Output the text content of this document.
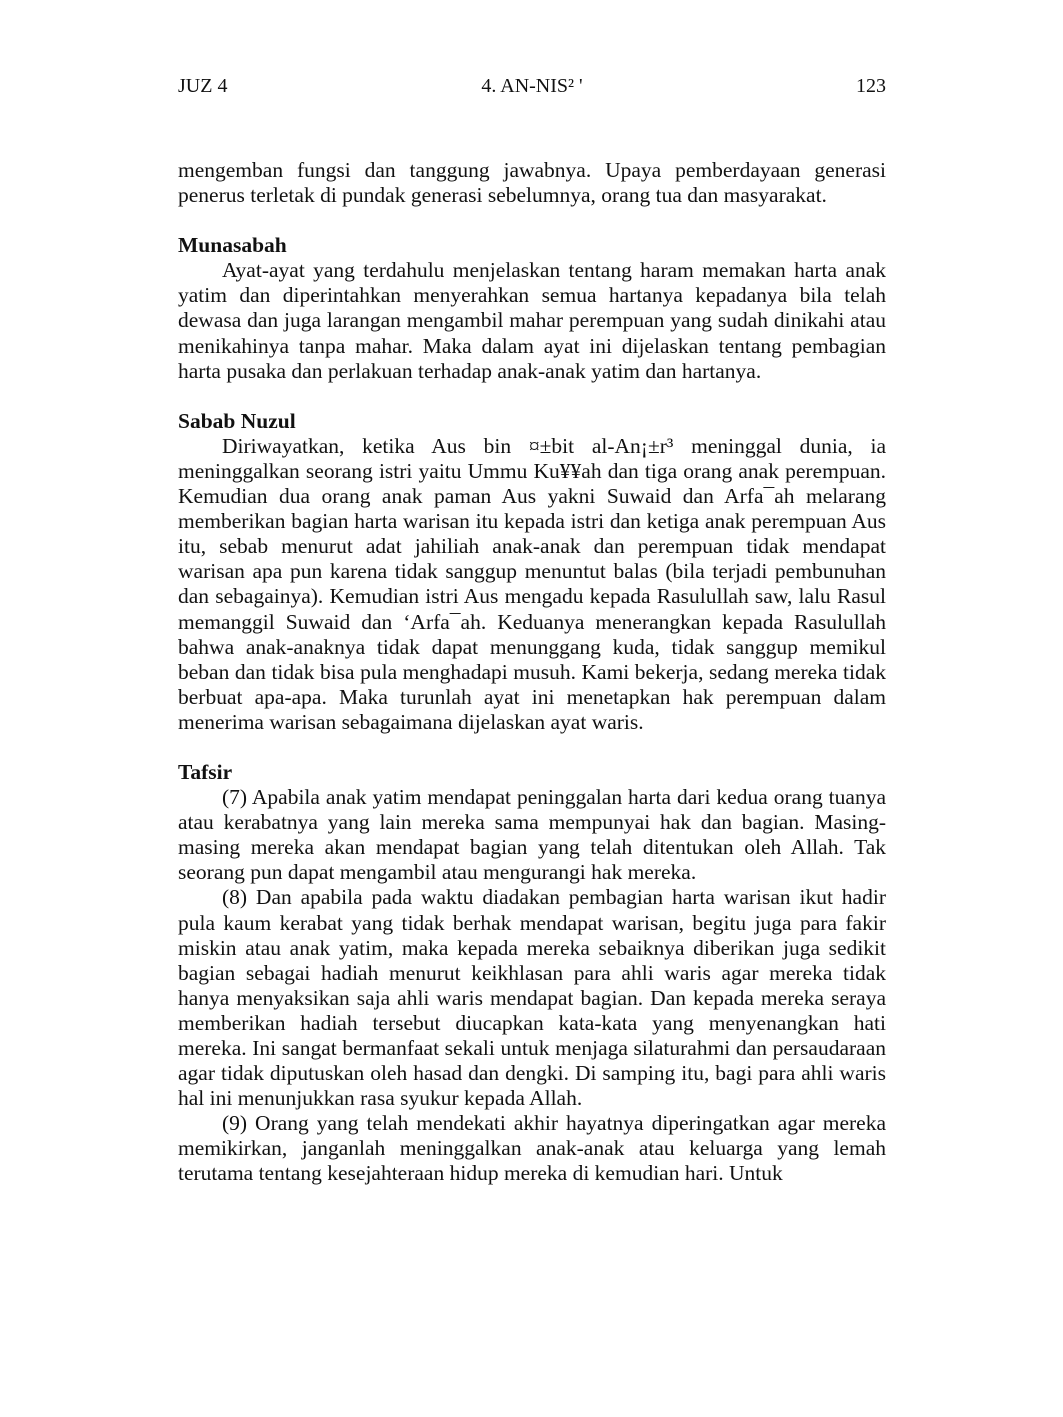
JUZ 4	4. AN-NIS² '	123

mengemban fungsi dan tanggung jawabnya. Upaya pemberdayaan generasi penerus terletak di pundak generasi sebelumnya, orang tua dan masyarakat.

Munasabah

Ayat-ayat yang terdahulu menjelaskan tentang haram memakan harta anak yatim dan diperintahkan menyerahkan semua hartanya kepadanya bila telah dewasa dan juga larangan mengambil mahar perempuan yang sudah dinikahi atau menikahinya tanpa mahar. Maka dalam ayat ini dijelaskan tentang pembagian harta pusaka dan perlakuan terhadap anak-anak yatim dan hartanya.

Sabab Nuzul

Diriwayatkan, ketika Aus bin ¤±bit al-An¡±r³ meninggal dunia, ia meninggalkan seorang istri yaitu Ummu Ku¥¥ah dan tiga orang anak perempuan. Kemudian dua orang anak paman Aus yakni Suwaid dan Arfa¯ah melarang memberikan bagian harta warisan itu kepada istri dan ketiga anak perempuan Aus itu, sebab menurut adat jahiliah anak-anak dan perempuan tidak mendapat warisan apa pun karena tidak sanggup menuntut balas (bila terjadi pembunuhan dan sebagainya). Kemudian istri Aus mengadu kepada Rasulullah saw, lalu Rasul memanggil Suwaid dan ‘Arfa¯ah. Keduanya menerangkan kepada Rasulullah bahwa anak-anaknya tidak dapat menunggang kuda, tidak sanggup memikul beban dan tidak bisa pula menghadapi musuh. Kami bekerja, sedang mereka tidak berbuat apa-apa. Maka turunlah ayat ini menetapkan hak perempuan dalam menerima warisan sebagaimana dijelaskan ayat waris.

Tafsir

(7) Apabila anak yatim mendapat peninggalan harta dari kedua orang tuanya atau kerabatnya yang lain mereka sama mempunyai hak dan bagian. Masing-masing mereka akan mendapat bagian yang telah ditentukan oleh Allah. Tak seorang pun dapat mengambil atau mengurangi hak mereka.

(8) Dan apabila pada waktu diadakan pembagian harta warisan ikut hadir pula kaum kerabat yang tidak berhak mendapat warisan, begitu juga para fakir miskin atau anak yatim, maka kepada mereka sebaiknya diberikan juga sedikit bagian sebagai hadiah menurut keikhlasan para ahli waris agar mereka tidak hanya menyaksikan saja ahli waris mendapat bagian. Dan kepada mereka seraya memberikan hadiah tersebut diucapkan kata-kata yang menyenangkan hati mereka. Ini sangat bermanfaat sekali untuk menjaga silaturahmi dan persaudaraan agar tidak diputuskan oleh hasad dan dengki. Di samping itu, bagi para ahli waris hal ini menunjukkan rasa syukur kepada Allah.

(9) Orang yang telah mendekati akhir hayatnya diperingatkan agar mereka memikirkan, janganlah meninggalkan anak-anak atau keluarga yang lemah terutama tentang kesejahteraan hidup mereka di kemudian hari. Untuk
